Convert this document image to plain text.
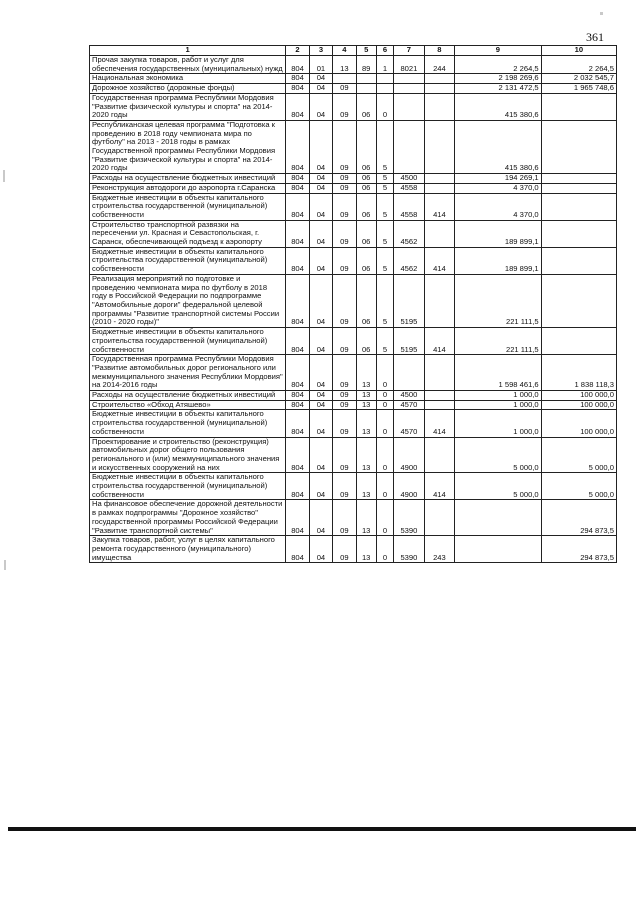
361
1	2	3	4	5	6	7	8	9	10
Прочая закупка товаров, работ и услуг для обеспечения государственных (муниципальных) нужд	804	01	13	89	1	8021	244	2 264,5	2 264,5
Национальная экономика	804	04						2 198 269,6	2 032 545,7
Дорожное хозяйство (дорожные фонды)	804	04	09					2 131 472,5	1 965 748,6
Государственная программа Республики Мордовия "Развитие физической культуры и спорта" на 2014-2020 годы	804	04	09	06	0			415 380,6	
Республиканская целевая программа "Подготовка к проведению в 2018 году чемпионата мира по футболу" на 2013 - 2018 годы в рамках Государственной программы Республики Мордовия "Развитие физической культуры и спорта" на 2014-2020 годы	804	04	09	06	5			415 380,6	
Расходы на осуществление бюджетных инвестиций	804	04	09	06	5	4500		194 269,1	
Реконструкция автодороги до аэропорта г.Саранска	804	04	09	06	5	4558		4 370,0	
Бюджетные инвестиции в объекты капитального строительства государственной (муниципальной) собственности	804	04	09	06	5	4558	414	4 370,0	
Строительство транспортной развязки на пересечении ул. Красная и Севастопольская, г. Саранск, обеспечивающей подъезд к аэропорту	804	04	09	06	5	4562		189 899,1	
Бюджетные инвестиции в объекты капитального строительства государственной (муниципальной) собственности	804	04	09	06	5	4562	414	189 899,1	
Реализация мероприятий по подготовке и проведению чемпионата мира по футболу в 2018 году в Российской Федерации по подпрограмме "Автомобильные дороги" федеральной целевой программы "Развитие транспортной системы России (2010 - 2020 годы)"	804	04	09	06	5	5195		221 111,5	
Бюджетные инвестиции в объекты капитального строительства государственной (муниципальной) собственности	804	04	09	06	5	5195	414	221 111,5	
Государственная программа Республики Мордовия "Развитие автомобильных дорог регионального или межмуниципального значения Республики Мордовия" на 2014-2016 годы	804	04	09	13	0			1 598 461,6	1 838 118,3
Расходы на осуществление бюджетных инвестиций	804	04	09	13	0	4500		1 000,0	100 000,0
Строительство «Обход Атяшево»	804	04	09	13	0	4570		1 000,0	100 000,0
Бюджетные инвестиции в объекты капитального строительства государственной (муниципальной) собственности	804	04	09	13	0	4570	414	1 000,0	100 000,0
Проектирование и строительство (реконструкция) автомобильных дорог общего пользования регионального и (или) межмуниципального значения и искусственных сооружений на них	804	04	09	13	0	4900		5 000,0	5 000,0
Бюджетные инвестиции в объекты капитального строительства государственной (муниципальной) собственности	804	04	09	13	0	4900	414	5 000,0	5 000,0
На финансовое обеспечение дорожной деятельности в рамках подпрограммы "Дорожное хозяйство" государственной программы Российской Федерации "Развитие транспортной системы"	804	04	09	13	0	5390			294 873,5
Закупка товаров, работ, услуг в целях капитального ремонта государственного (муниципального) имущества	804	04	09	13	0	5390	243		294 873,5
